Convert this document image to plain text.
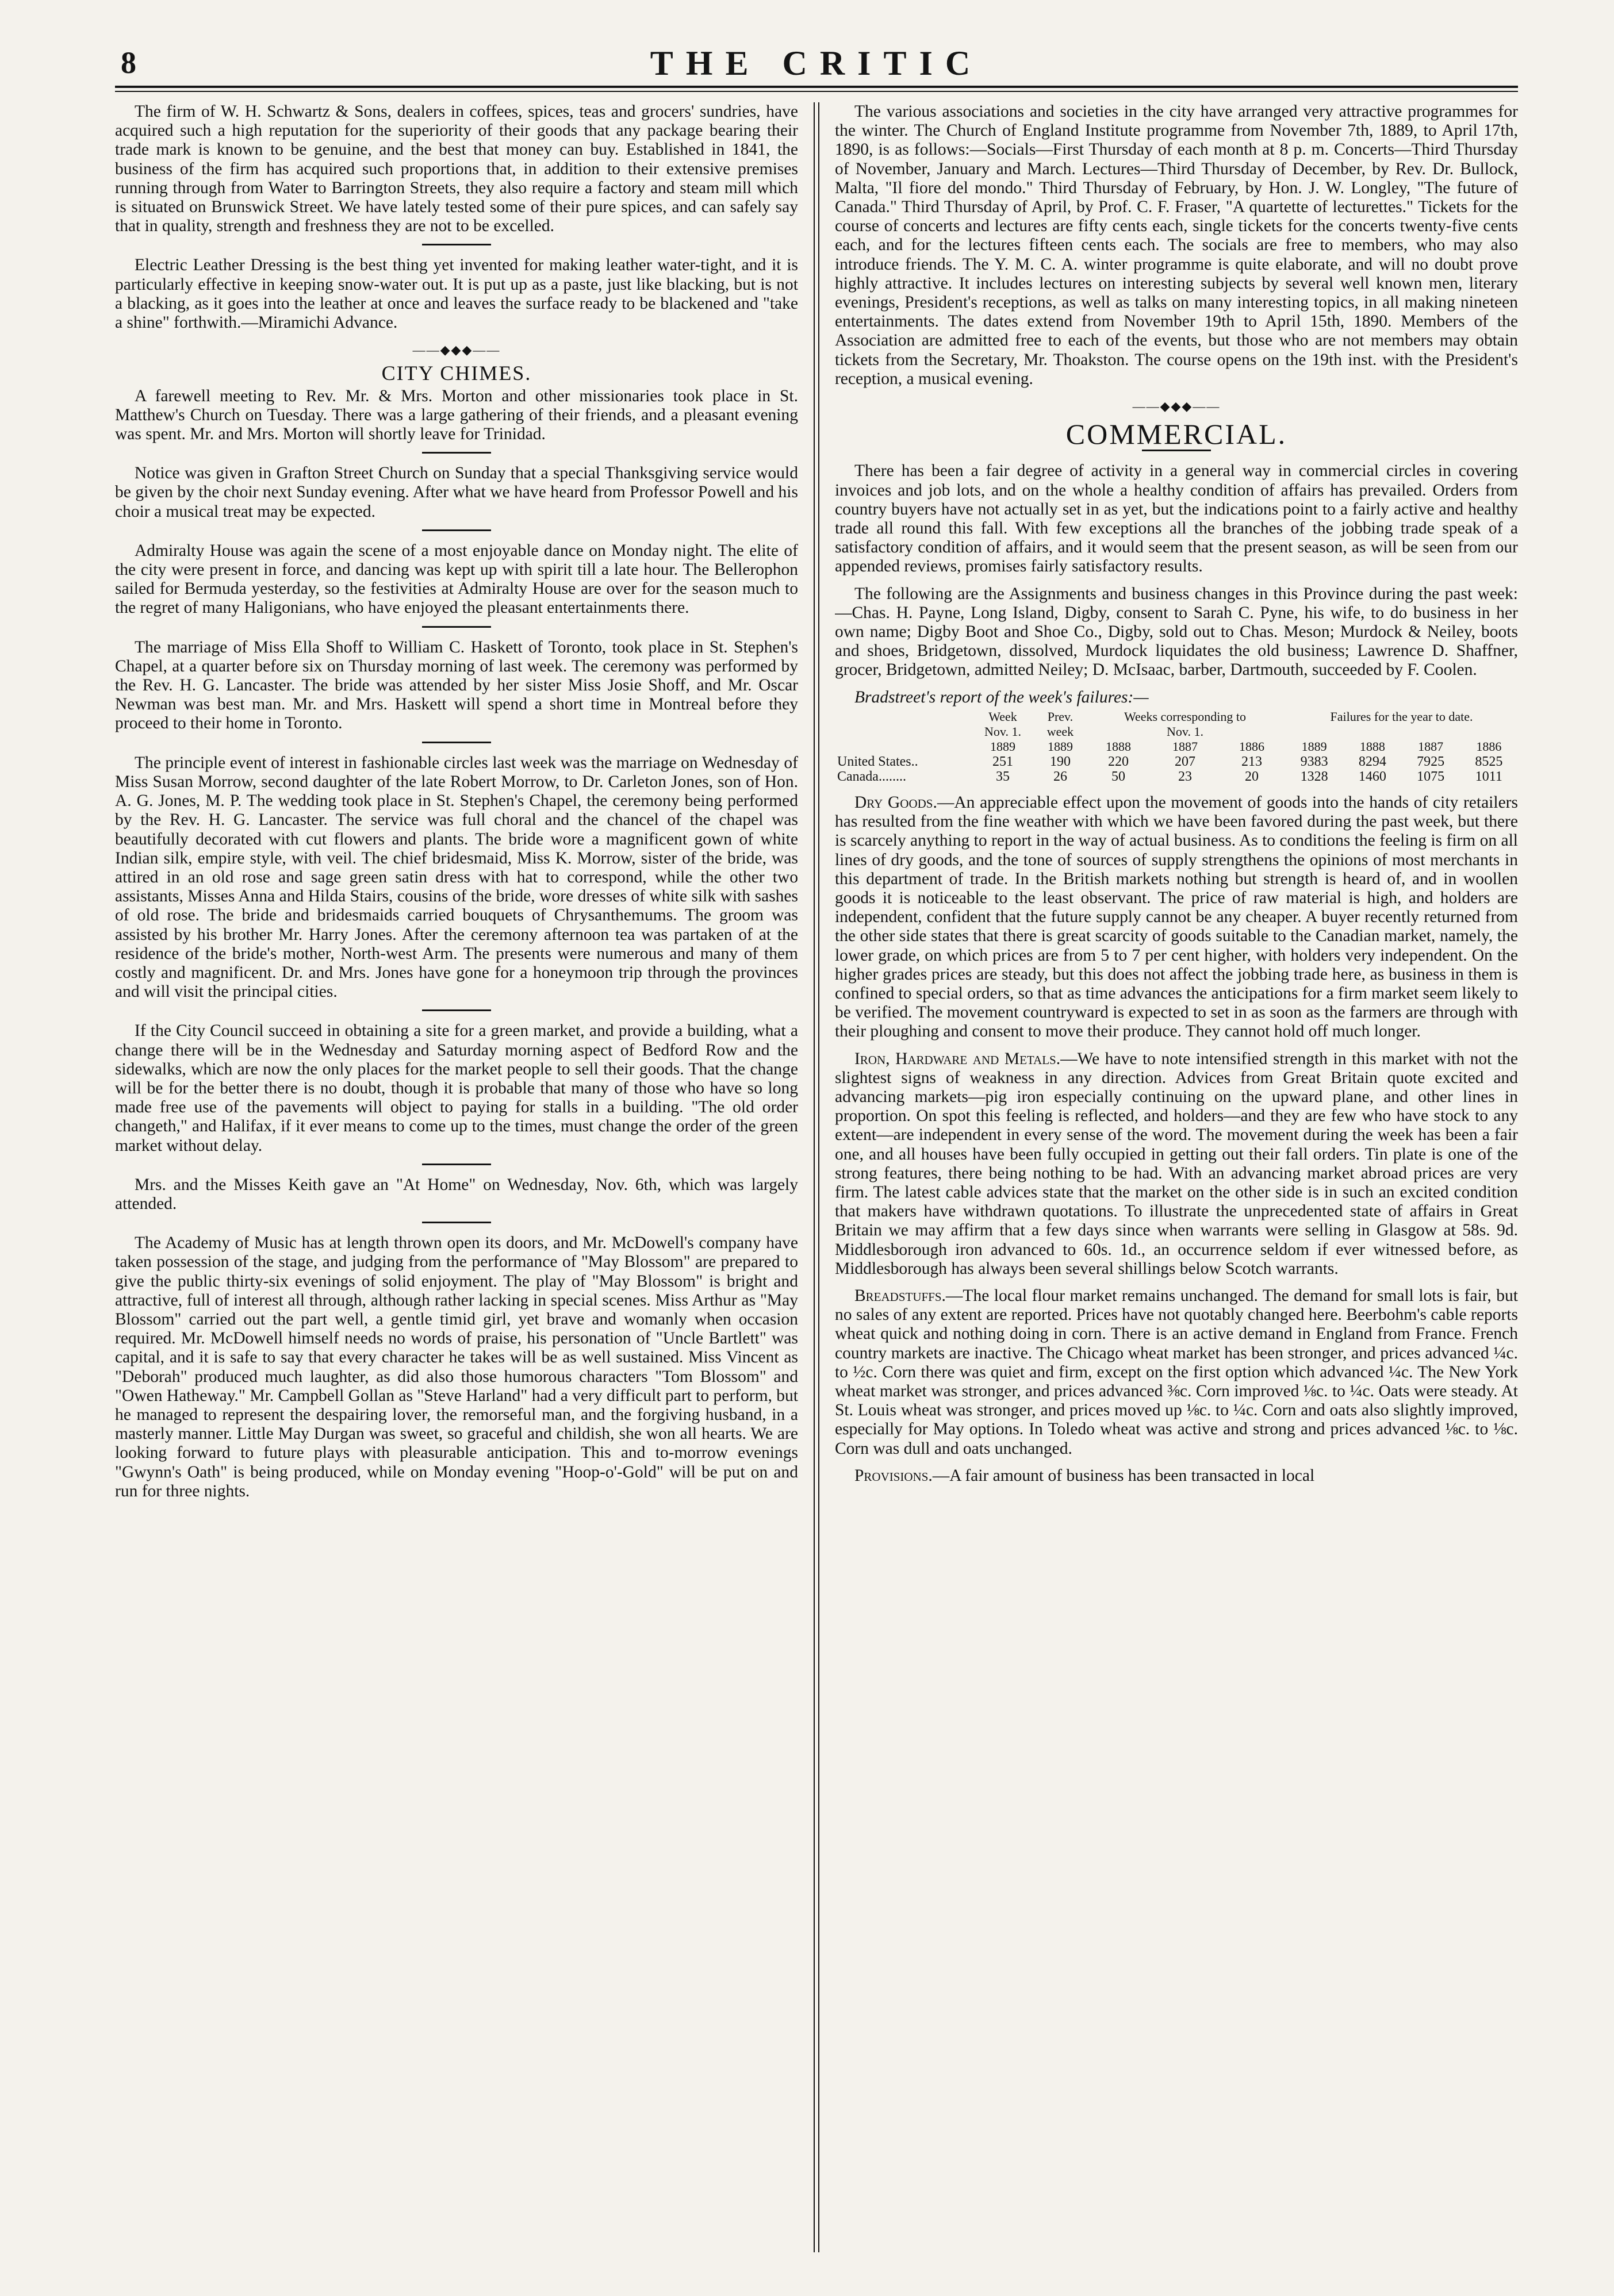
8	THE CRITIC

The firm of W. H. Schwartz & Sons, dealers in coffees, spices, teas and grocers' sundries, have acquired such a high reputation for the superiority of their goods that any package bearing their trade mark is known to be genuine, and the best that money can buy. Established in 1841, the business of the firm has acquired such proportions that, in addition to their extensive premises running through from Water to Barrington Streets, they also require a factory and steam mill which is situated on Brunswick Street. We have lately tested some of their pure spices, and can safely say that in quality, strength and freshness they are not to be excelled.

Electric Leather Dressing is the best thing yet invented for making leather water-tight, and it is particularly effective in keeping snow-water out. It is put up as a paste, just like blacking, but is not a blacking, as it goes into the leather at once and leaves the surface ready to be blackened and "take a shine" forthwith.—Miramichi Advance.

——◆◆◆——
CITY CHIMES.

A farewell meeting to Rev. Mr. & Mrs. Morton and other missionaries took place in St. Matthew's Church on Tuesday. There was a large gathering of their friends, and a pleasant evening was spent. Mr. and Mrs. Morton will shortly leave for Trinidad.

Notice was given in Grafton Street Church on Sunday that a special Thanksgiving service would be given by the choir next Sunday evening. After what we have heard from Professor Powell and his choir a musical treat may be expected.

Admiralty House was again the scene of a most enjoyable dance on Monday night. The elite of the city were present in force, and dancing was kept up with spirit till a late hour. The Bellerophon sailed for Bermuda yesterday, so the festivities at Admiralty House are over for the season much to the regret of many Haligonians, who have enjoyed the pleasant entertainments there.

The marriage of Miss Ella Shoff to William C. Haskett of Toronto, took place in St. Stephen's Chapel, at a quarter before six on Thursday morning of last week. The ceremony was performed by the Rev. H. G. Lancaster. The bride was attended by her sister Miss Josie Shoff, and Mr. Oscar Newman was best man. Mr. and Mrs. Haskett will spend a short time in Montreal before they proceed to their home in Toronto.

The principle event of interest in fashionable circles last week was the marriage on Wednesday of Miss Susan Morrow, second daughter of the late Robert Morrow, to Dr. Carleton Jones, son of Hon. A. G. Jones, M. P. The wedding took place in St. Stephen's Chapel, the ceremony being performed by the Rev. H. G. Lancaster. The service was full choral and the chancel of the chapel was beautifully decorated with cut flowers and plants. The bride wore a magnificent gown of white Indian silk, empire style, with veil. The chief bridesmaid, Miss K. Morrow, sister of the bride, was attired in an old rose and sage green satin dress with hat to correspond, while the other two assistants, Misses Anna and Hilda Stairs, cousins of the bride, wore dresses of white silk with sashes of old rose. The bride and bridesmaids carried bouquets of Chrysanthemums. The groom was assisted by his brother Mr. Harry Jones. After the ceremony afternoon tea was partaken of at the residence of the bride's mother, North-west Arm. The presents were numerous and many of them costly and magnificent. Dr. and Mrs. Jones have gone for a honeymoon trip through the provinces and will visit the principal cities.

If the City Council succeed in obtaining a site for a green market, and provide a building, what a change there will be in the Wednesday and Saturday morning aspect of Bedford Row and the sidewalks, which are now the only places for the market people to sell their goods. That the change will be for the better there is no doubt, though it is probable that many of those who have so long made free use of the pavements will object to paying for stalls in a building. "The old order changeth," and Halifax, if it ever means to come up to the times, must change the order of the green market without delay.

Mrs. and the Misses Keith gave an "At Home" on Wednesday, Nov. 6th, which was largely attended.

The Academy of Music has at length thrown open its doors, and Mr. McDowell's company have taken possession of the stage, and judging from the performance of "May Blossom" are prepared to give the public thirty-six evenings of solid enjoyment. The play of "May Blossom" is bright and attractive, full of interest all through, although rather lacking in special scenes. Miss Arthur as "May Blossom" carried out the part well, a gentle timid girl, yet brave and womanly when occasion required. Mr. McDowell himself needs no words of praise, his personation of "Uncle Bartlett" was capital, and it is safe to say that every character he takes will be as well sustained. Miss Vincent as "Deborah" produced much laughter, as did also those humorous characters "Tom Blossom" and "Owen Hatheway." Mr. Campbell Gollan as "Steve Harland" had a very difficult part to perform, but he managed to represent the despairing lover, the remorseful man, and the forgiving husband, in a masterly manner. Little May Durgan was sweet, so graceful and childish, she won all hearts. We are looking forward to future plays with pleasurable anticipation. This and to-morrow evenings "Gwynn's Oath" is being produced, while on Monday evening "Hoop-o'-Gold" will be put on and run for three nights.

The various associations and societies in the city have arranged very attractive programmes for the winter. The Church of England Institute programme from November 7th, 1889, to April 17th, 1890, is as follows:—Socials—First Thursday of each month at 8 p. m. Concerts—Third Thursday of November, January and March. Lectures—Third Thursday of December, by Rev. Dr. Bullock, Malta, "Il fiore del mondo." Third Thursday of February, by Hon. J. W. Longley, "The future of Canada." Third Thursday of April, by Prof. C. F. Fraser, "A quartette of lecturettes." Tickets for the course of concerts and lectures are fifty cents each, single tickets for the concerts twenty-five cents each, and for the lectures fifteen cents each. The socials are free to members, who may also introduce friends. The Y. M. C. A. winter programme is quite elaborate, and will no doubt prove highly attractive. It includes lectures on interesting subjects by several well known men, literary evenings, President's receptions, as well as talks on many interesting topics, in all making nineteen entertainments. The dates extend from November 19th to April 15th, 1890. Members of the Association are admitted free to each of the events, but those who are not members may obtain tickets from the Secretary, Mr. Thoakston. The course opens on the 19th inst. with the President's reception, a musical evening.

——◆◆◆——
COMMERCIAL.

There has been a fair degree of activity in a general way in commercial circles in covering invoices and job lots, and on the whole a healthy condition of affairs has prevailed. Orders from country buyers have not actually set in as yet, but the indications point to a fairly active and healthy trade all round this fall. With few exceptions all the branches of the jobbing trade speak of a satisfactory condition of affairs, and it would seem that the present season, as will be seen from our appended reviews, promises fairly satisfactory results.

The following are the Assignments and business changes in this Province during the past week:—Chas. H. Payne, Long Island, Digby, consent to Sarah C. Pyne, his wife, to do business in her own name; Digby Boot and Shoe Co., Digby, sold out to Chas. Meson; Murdock & Neiley, boots and shoes, Bridgetown, dissolved, Murdock liquidates the old business; Lawrence D. Shaffner, grocer, Bridgetown, admitted Neiley; D. McIsaac, barber, Dartmouth, succeeded by F. Coolen.

Bradstreet's report of the week's failures:—
	Week	Prev.	Weeks corresponding to			Failures for the year to date.			
	Nov. 1.	week	Nov. 1.						
	1889	1889	1888	1887	1886	1889	1888	1887	1886
United States..	251	190	220	207	213	9383	8294	7925	8525
Canada........	35	26	50	23	20	1328	1460	1075	1011

Dry Goods.—An appreciable effect upon the movement of goods into the hands of city retailers has resulted from the fine weather with which we have been favored during the past week, but there is scarcely anything to report in the way of actual business. As to conditions the feeling is firm on all lines of dry goods, and the tone of sources of supply strengthens the opinions of most merchants in this department of trade. In the British markets nothing but strength is heard of, and in woollen goods it is noticeable to the least observant. The price of raw material is high, and holders are independent, confident that the future supply cannot be any cheaper. A buyer recently returned from the other side states that there is great scarcity of goods suitable to the Canadian market, namely, the lower grade, on which prices are from 5 to 7 per cent higher, with holders very independent. On the higher grades prices are steady, but this does not affect the jobbing trade here, as business in them is confined to special orders, so that as time advances the anticipations for a firm market seem likely to be verified. The movement countryward is expected to set in as soon as the farmers are through with their ploughing and consent to move their produce. They cannot hold off much longer.

Iron, Hardware and Metals.—We have to note intensified strength in this market with not the slightest signs of weakness in any direction. Advices from Great Britain quote excited and advancing markets—pig iron especially continuing on the upward plane, and other lines in proportion. On spot this feeling is reflected, and holders—and they are few who have stock to any extent—are independent in every sense of the word. The movement during the week has been a fair one, and all houses have been fully occupied in getting out their fall orders. Tin plate is one of the strong features, there being nothing to be had. With an advancing market abroad prices are very firm. The latest cable advices state that the market on the other side is in such an excited condition that makers have withdrawn quotations. To illustrate the unprecedented state of affairs in Great Britain we may affirm that a few days since when warrants were selling in Glasgow at 58s. 9d. Middlesborough iron advanced to 60s. 1d., an occurrence seldom if ever witnessed before, as Middlesborough has always been several shillings below Scotch warrants.

Breadstuffs.—The local flour market remains unchanged. The demand for small lots is fair, but no sales of any extent are reported. Prices have not quotably changed here. Beerbohm's cable reports wheat quick and nothing doing in corn. There is an active demand in England from France. French country markets are inactive. The Chicago wheat market has been stronger, and prices advanced ¼c. to ½c. Corn there was quiet and firm, except on the first option which advanced ¼c. The New York wheat market was stronger, and prices advanced ⅜c. Corn improved ⅛c. to ¼c. Oats were steady. At St. Louis wheat was stronger, and prices moved up ⅛c. to ¼c. Corn and oats also slightly improved, especially for May options. In Toledo wheat was active and strong and prices advanced ⅛c. to ⅛c. Corn was dull and oats unchanged.

Provisions.—A fair amount of business has been transacted in local
